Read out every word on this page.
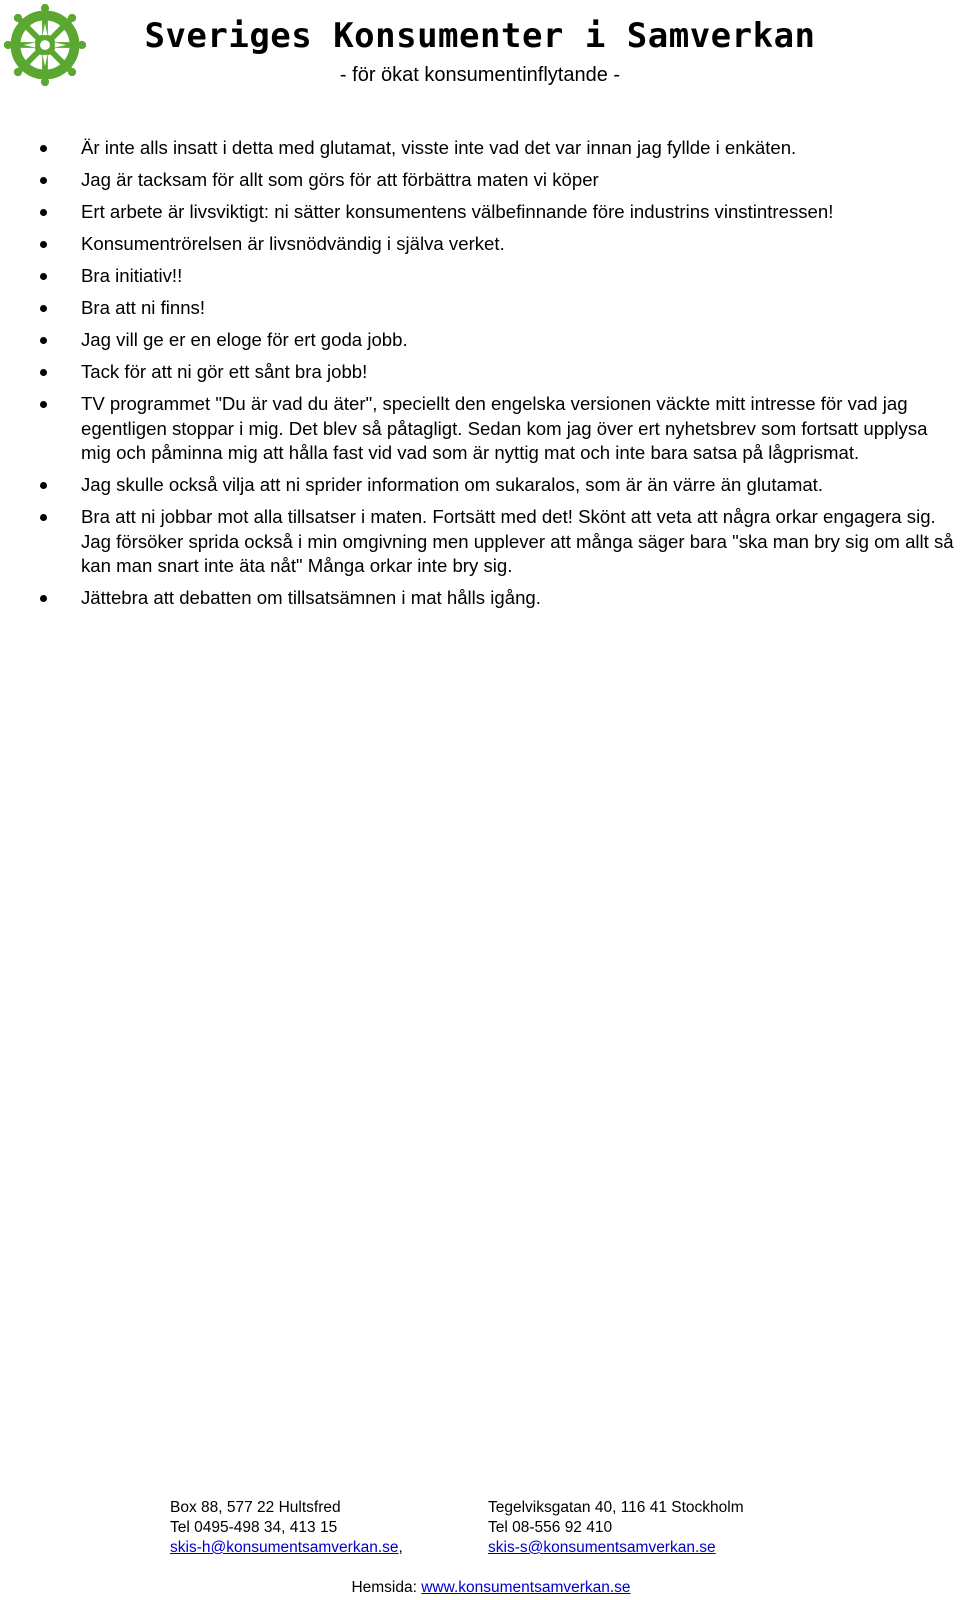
Sveriges Konsumenter i Samverkan

- för ökat konsumentinflytande -

Är inte alls insatt i detta med glutamat, visste inte vad det var innan jag fyllde i enkäten.
Jag är tacksam för allt som görs för att förbättra maten vi köper
Ert arbete är livsviktigt: ni sätter konsumentens välbefinnande före industrins vinstintressen!
Konsumentrörelsen är livsnödvändig i själva verket.
Bra initiativ!!
Bra att ni finns!
Jag vill ge er en eloge för ert goda jobb.
Tack för att ni gör ett sånt bra jobb!
TV programmet "Du är vad du äter", speciellt den engelska versionen väckte mitt intresse för vad jag egentligen stoppar i mig. Det blev så påtagligt. Sedan kom jag över ert nyhetsbrev som fortsatt upplysa mig och påminna mig att hålla fast vid vad som är nyttig mat och inte bara satsa på lågprismat.
Jag skulle också vilja att ni sprider information om sukaralos, som är än värre än glutamat.
Bra att ni jobbar mot alla tillsatser i maten. Fortsätt med det! Skönt att veta att några orkar engagera sig. Jag försöker sprida också i min omgivning men upplever att många säger bara "ska man bry sig om allt så kan man snart inte äta nåt" Många orkar inte bry sig.
Jättebra att debatten om tillsatsämnen i mat hålls igång.
Box 88, 577 22 Hultsfred
Tel 0495-498 34, 413 15
skis-h@konsumentsamverkan.se,
Tegelviksgatan 40, 116 41 Stockholm
Tel 08-556 92 410
skis-s@konsumentsamverkan.se
Hemsida: www.konsumentsamverkan.se
